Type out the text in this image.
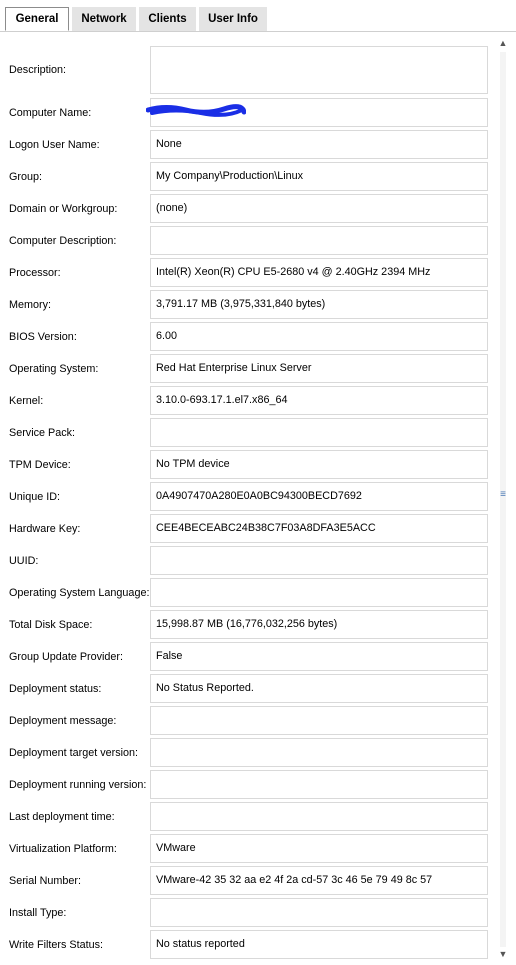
General	Network	Clients	User Info
Description:
Computer Name:
Logon User Name:	None
Group:	My Company\Production\Linux
Domain or Workgroup:	(none)
Computer Description:
Processor:	Intel(R) Xeon(R) CPU E5-2680 v4 @ 2.40GHz 2394 MHz
Memory:	3,791.17 MB (3,975,331,840 bytes)
BIOS Version:	6.00
Operating System:	Red Hat Enterprise Linux Server
Kernel:	3.10.0-693.17.1.el7.x86_64
Service Pack:
TPM Device:	No TPM device
Unique ID:	0A4907470A280E0A0BC94300BECD7692
Hardware Key:	CEE4BECEABC24B38C7F03A8DFA3E5ACC
UUID:
Operating System Language:
Total Disk Space:	15,998.87 MB (16,776,032,256 bytes)
Group Update Provider:	False
Deployment status:	No Status Reported.
Deployment message:
Deployment target version:
Deployment running version:
Last deployment time:
Virtualization Platform:	VMware
Serial Number:	VMware-42 35 32 aa e2 4f 2a cd-57 3c 46 5e 79 49 8c 57
Install Type:
Write Filters Status:	No status reported
▲
≡
▼
